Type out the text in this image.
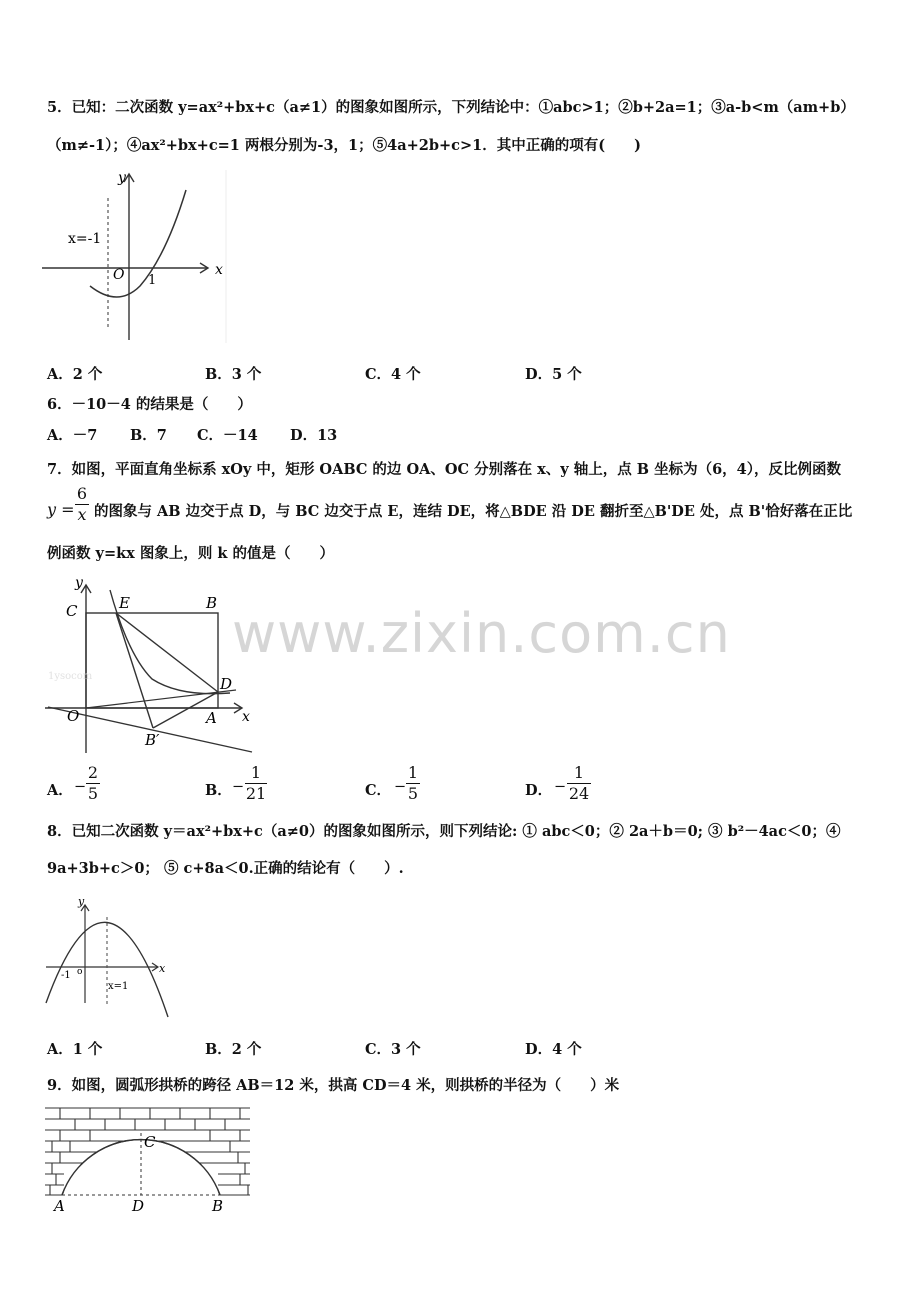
www.zixin.com.cn
5．已知：二次函数 y=ax²+bx+c（a≠1）的图象如图所示，下列结论中：①abc>1；②b+2a=1；③a-b<m（am+b）
（m≠-1）；④ax²+bx+c=1 两根分别为-3，1；⑤4a+2b+c>1．其中正确的项有(　　)
y
x
O 1
x=-1
A．2 个	B．3 个	C．4 个	D．5 个
6．－10－4 的结果是（　　）
A．－7 B．7 C．－14 D．13
7．如图，平面直角坐标系 xOy 中，矩形 OABC 的边 OA、OC 分别落在 x、y 轴上，点 B 坐标为（6，4），反比例函数
y =
6
x 的图象与 AB 边交于点 D，与 BC 边交于点 E，连结 DE，将△BDE 沿 DE 翻折至△B'DE 处，点 B'恰好落在正比
例函数 y=kx 图象上，则 k 的值是（　　）
y
x
C	E	B
O	A
D
B′
1ysocom
A． −
2
5	B． −
1
21	C． −
1
5	D． −
1
24
8．已知二次函数 y＝ax²+bx+c（a≠0）的图象如图所示，则下列结论: ① abc＜0；② 2a＋b＝0; ③ b²－4ac＜0；④
9a+3b+c＞0； ⑤ c+8a＜0.正确的结论有（　　）.
y
x
-1 o
x=1
A．1 个	B．2 个	C．3 个	D．4 个
9．如图，圆弧形拱桥的跨径 AB＝12 米，拱高 CD＝4 米，则拱桥的半径为（　　）米
C
A	D	B
